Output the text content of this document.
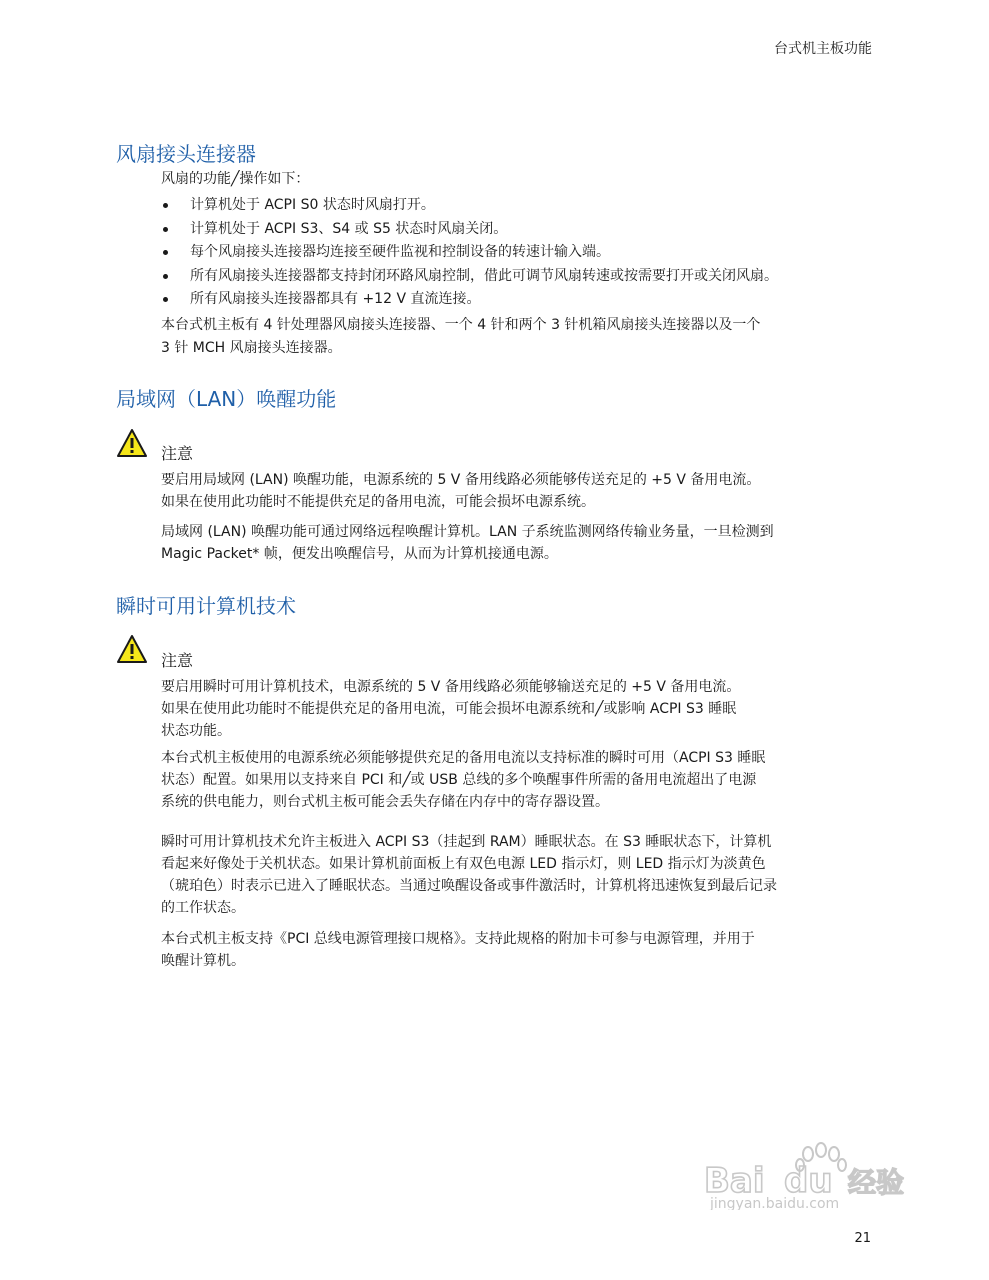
台式机主板功能
风扇接头连接器

风扇的功能╱操作如下：

计算机处于 ACPI S0 状态时风扇打开。
计算机处于 ACPI S3、S4 或 S5 状态时风扇关闭。
每个风扇接头连接器均连接至硬件监视和控制设备的转速计输入端。
所有风扇接头连接器都支持封闭环路风扇控制，借此可调节风扇转速或按需要打开或关闭风扇。
所有风扇接头连接器都具有 +12 V 直流连接。

本台式机主板有 4 针处理器风扇接头连接器、一个 4 针和两个 3 针机箱风扇接头连接器以及一个

3 针 MCH 风扇接头连接器。

局域网（LAN）唤醒功能
注意

要启用局域网 (LAN) 唤醒功能，电源系统的 5 V 备用线路必须能够传送充足的 +5 V 备用电流。

如果在使用此功能时不能提供充足的备用电流，可能会损坏电源系统。

局域网 (LAN) 唤醒功能可通过网络远程唤醒计算机。LAN 子系统监测网络传输业务量，一旦检测到

Magic Packet* 帧，便发出唤醒信号，从而为计算机接通电源。

瞬时可用计算机技术
注意

要启用瞬时可用计算机技术，电源系统的 5 V 备用线路必须能够输送充足的 +5 V 备用电流。

如果在使用此功能时不能提供充足的备用电流，可能会损坏电源系统和╱或影响 ACPI S3 睡眠

状态功能。

本台式机主板使用的电源系统必须能够提供充足的备用电流以支持标准的瞬时可用（ACPI S3 睡眠

状态）配置。如果用以支持来自 PCI 和╱或 USB 总线的多个唤醒事件所需的备用电流超出了电源

系统的供电能力，则台式机主板可能会丢失存储在内存中的寄存器设置。

瞬时可用计算机技术允许主板进入 ACPI S3（挂起到 RAM）睡眠状态。在 S3 睡眠状态下，计算机

看起来好像处于关机状态。如果计算机前面板上有双色电源 LED 指示灯，则 LED 指示灯为淡黄色

（琥珀色）时表示已进入了睡眠状态。当通过唤醒设备或事件激活时，计算机将迅速恢复到最后记录

的工作状态。

本台式机主板支持《PCI 总线电源管理接口规格》。支持此规格的附加卡可参与电源管理，并用于

唤醒计算机。

Bai du 经验
jingyan.baidu.com
21
